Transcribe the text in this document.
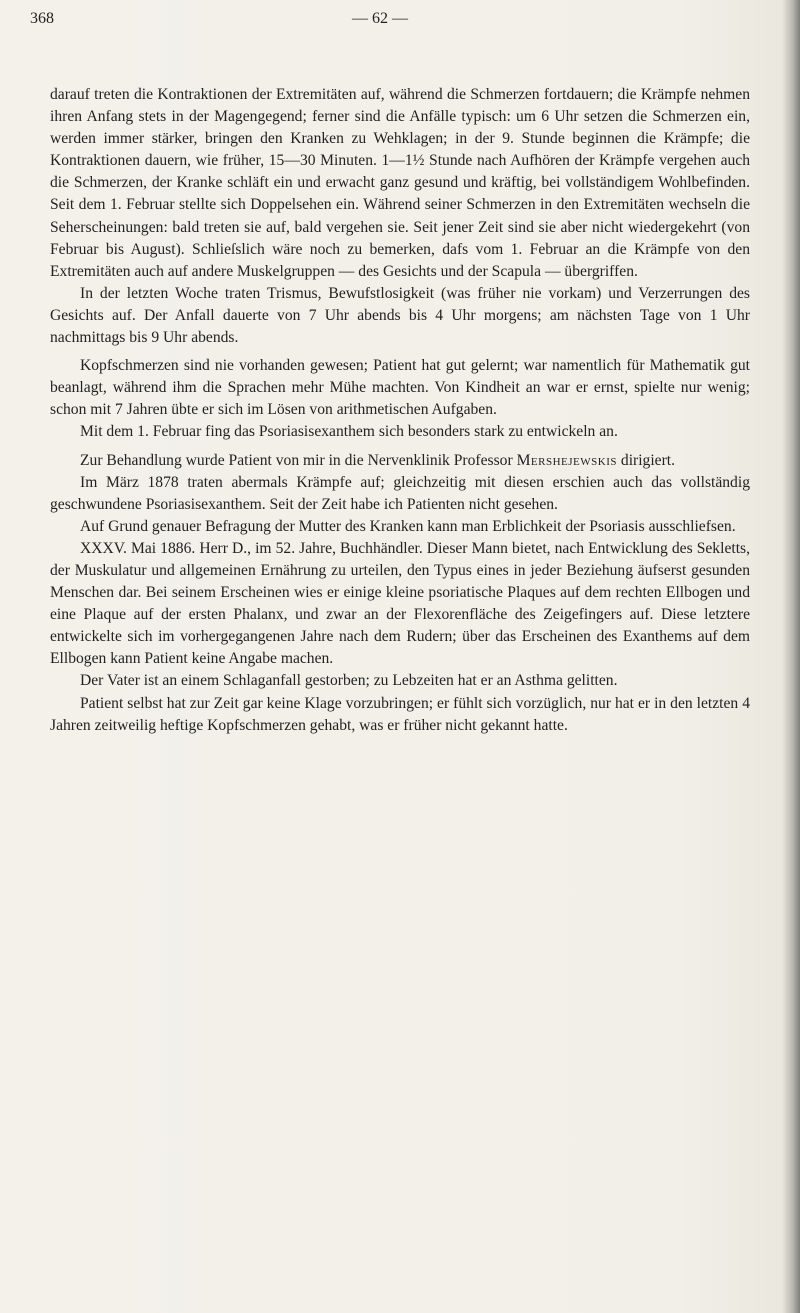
368	— 62 —

darauf treten die Kontraktionen der Extremitäten auf, während die Schmerzen fortdauern; die Krämpfe nehmen ihren Anfang stets in der Magengegend; ferner sind die Anfälle typisch: um 6 Uhr setzen die Schmerzen ein, werden immer stärker, bringen den Kranken zu Wehklagen; in der 9. Stunde beginnen die Krämpfe; die Kontraktionen dauern, wie früher, 15—30 Minuten. 1—1½ Stunde nach Aufhören der Krämpfe vergehen auch die Schmerzen, der Kranke schläft ein und erwacht ganz gesund und kräftig, bei vollständigem Wohlbefinden. Seit dem 1. Februar stellte sich Doppelsehen ein. Während seiner Schmerzen in den Extremitäten wechseln die Seherscheinungen: bald treten sie auf, bald vergehen sie. Seit jener Zeit sind sie aber nicht wiedergekehrt (von Februar bis August). Schlieſslich wäre noch zu bemerken, dafs vom 1. Februar an die Krämpfe von den Extremitäten auch auf andere Muskelgruppen — des Gesichts und der Scapula — übergriffen.

In der letzten Woche traten Trismus, Bewufstlosigkeit (was früher nie vorkam) und Verzerrungen des Gesichts auf. Der Anfall dauerte von 7 Uhr abends bis 4 Uhr morgens; am nächsten Tage von 1 Uhr nachmittags bis 9 Uhr abends.

Kopfschmerzen sind nie vorhanden gewesen; Patient hat gut gelernt; war namentlich für Mathematik gut beanlagt, während ihm die Sprachen mehr Mühe machten. Von Kindheit an war er ernst, spielte nur wenig; schon mit 7 Jahren übte er sich im Lösen von arithmetischen Aufgaben.

Mit dem 1. Februar fing das Psoriasisexanthem sich besonders stark zu entwickeln an.

Zur Behandlung wurde Patient von mir in die Nervenklinik Professor Mershejewskis dirigiert.

Im März 1878 traten abermals Krämpfe auf; gleichzeitig mit diesen erschien auch das vollständig geschwundene Psoriasisexanthem. Seit der Zeit habe ich Patienten nicht gesehen.

Auf Grund genauer Befragung der Mutter des Kranken kann man Erblichkeit der Psoriasis ausschliefsen.

XXXV. Mai 1886. Herr D., im 52. Jahre, Buchhändler. Dieser Mann bietet, nach Entwicklung des Sekletts, der Muskulatur und allgemeinen Ernährung zu urteilen, den Typus eines in jeder Beziehung äufserst gesunden Menschen dar. Bei seinem Erscheinen wies er einige kleine psoriatische Plaques auf dem rechten Ellbogen und eine Plaque auf der ersten Phalanx, und zwar an der Flexorenfläche des Zeigefingers auf. Diese letztere entwickelte sich im vorhergegangenen Jahre nach dem Rudern; über das Erscheinen des Exanthems auf dem Ellbogen kann Patient keine Angabe machen.

Der Vater ist an einem Schlaganfall gestorben; zu Lebzeiten hat er an Asthma gelitten.

Patient selbst hat zur Zeit gar keine Klage vorzubringen; er fühlt sich vorzüglich, nur hat er in den letzten 4 Jahren zeitweilig heftige Kopfschmerzen gehabt, was er früher nicht gekannt hatte.
